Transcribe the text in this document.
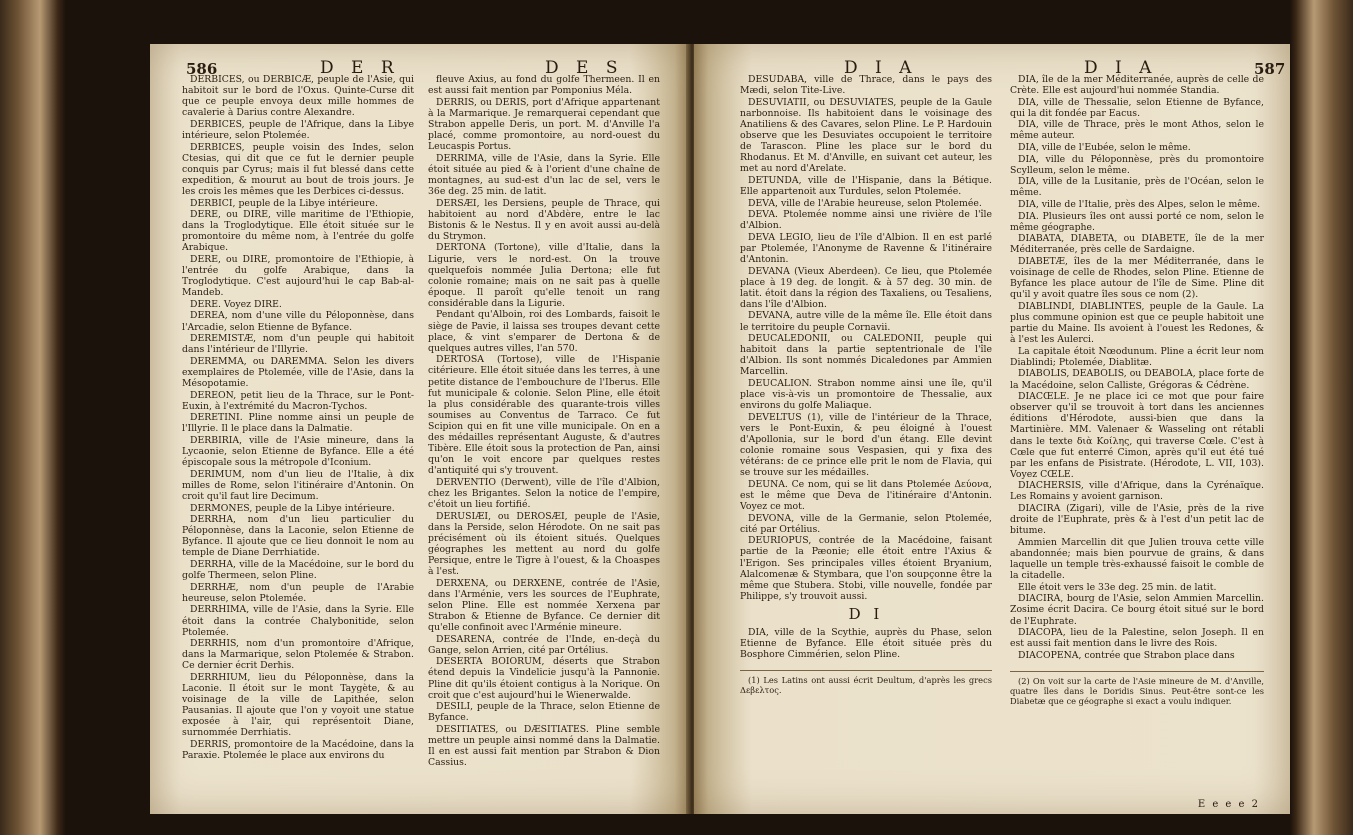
586	D E R	D E S

DERBICES, ou DERBICÆ, peuple de l'Asie, qui habitoit sur le bord de l'Oxus. Quinte-Curse dit que ce peuple envoya deux mille hommes de cavalerie à Darius contre Alexandre.

DERBICES, peuple de l'Afrique, dans la Libye intérieure, selon Ptolemée.

DERBICES, peuple voisin des Indes, selon Ctesias, qui dit que ce fut le dernier peuple conquis par Cyrus; mais il fut blessé dans cette expedition, & mourut au bout de trois jours. Je les crois les mêmes que les Derbices ci-dessus.

DERBICI, peuple de la Libye intérieure.

DERE, ou DIRE, ville maritime de l'Ethiopie, dans la Troglodytique. Elle étoit située sur le promontoire du même nom, à l'entrée du golfe Arabique.

DERE, ou DIRE, promontoire de l'Ethiopie, à l'entrée du golfe Arabique, dans la Troglodytique. C'est aujourd'hui le cap Bab-al-Mandeb.

DERE. Voyez DIRE.

DEREA, nom d'une ville du Péloponnèse, dans l'Arcadie, selon Etienne de Byfance.

DEREMISTÆ, nom d'un peuple qui habitoit dans l'intérieur de l'Illyrie.

DEREMMA, ou DAREMMA. Selon les divers exemplaires de Ptolemée, ville de l'Asie, dans la Mésopotamie.

DEREON, petit lieu de la Thrace, sur le Pont-Euxin, à l'extrémité du Macron-Tychos.

DERETINI. Pline nomme ainsi un peuple de l'Illyrie. Il le place dans la Dalmatie.

DERBIRIA, ville de l'Asie mineure, dans la Lycaonie, selon Etienne de Byfance. Elle a été épiscopale sous la métropole d'Iconium.

DERIMUM, nom d'un lieu de l'Italie, à dix milles de Rome, selon l'itinéraire d'Antonin. On croit qu'il faut lire Decimum.

DERMONES, peuple de la Libye intérieure.

DERRHA, nom d'un lieu particulier du Péloponnèse, dans la Laconie, selon Etienne de Byfance. Il ajoute que ce lieu donnoit le nom au temple de Diane Derrhiatide.

DERRHA, ville de la Macédoine, sur le bord du golfe Thermeen, selon Pline.

DERRHÆ, nom d'un peuple de l'Arabie heureuse, selon Ptolemée.

DERRHIMA, ville de l'Asie, dans la Syrie. Elle étoit dans la contrée Chalybonitide, selon Ptolemée.

DERRHIS, nom d'un promontoire d'Afrique, dans la Marmarique, selon Ptolemée & Strabon. Ce dernier écrit Derhis.

DERRHIUM, lieu du Péloponnèse, dans la Laconie. Il étoit sur le mont Taygète, & au voisinage de la ville de Lapithée, selon Pausanias. Il ajoute que l'on y voyoit une statue exposée à l'air, qui représentoit Diane, surnommée Derrhiatis.

DERRIS, promontoire de la Macédoine, dans la Paraxie. Ptolemée le place aux environs du

fleuve Axius, au fond du golfe Thermeen. Il en est aussi fait mention par Pomponius Méla.

DERRIS, ou DERIS, port d'Afrique appartenant à la Marmarique. Je remarquerai cependant que Strabon appelle Deris, un port. M. d'Anville l'a placé, comme promontoire, au nord-ouest du Leucaspis Portus.

DERRIMA, ville de l'Asie, dans la Syrie. Elle étoit située au pied & à l'orient d'une chaîne de montagnes, au sud-est d'un lac de sel, vers le 36e deg. 25 min. de latit.

DERSÆI, les Dersiens, peuple de Thrace, qui habitoient au nord d'Abdère, entre le lac Bistonis & le Nestus. Il y en avoit aussi au-delà du Strymon.

DERTONA (Tortone), ville d'Italie, dans la Ligurie, vers le nord-est. On la trouve quelquefois nommée Julia Dertona; elle fut colonie romaine; mais on ne sait pas à quelle époque. Il paroît qu'elle tenoit un rang considérable dans la Ligurie.

Pendant qu'Alboin, roi des Lombards, faisoit le siège de Pavie, il laissa ses troupes devant cette place, & vint s'emparer de Dertona & de quelques autres villes, l'an 570.

DERTOSA (Tortose), ville de l'Hispanie citérieure. Elle étoit située dans les terres, à une petite distance de l'embouchure de l'Iberus. Elle fut municipale & colonie. Selon Pline, elle étoit la plus considérable des quarante-trois villes soumises au Conventus de Tarraco. Ce fut Scipion qui en fit une ville municipale. On en a des médailles représentant Auguste, & d'autres Tibère. Elle étoit sous la protection de Pan, ainsi qu'on le voit encore par quelques restes d'antiquité qui s'y trouvent.

DERVENTIO (Derwent), ville de l'île d'Albion, chez les Brigantes. Selon la notice de l'empire, c'étoit un lieu fortifié.

DERUSIÆI, ou DEROSÆI, peuple de l'Asie, dans la Perside, selon Hérodote. On ne sait pas précisément où ils étoient situés. Quelques géographes les mettent au nord du golfe Persique, entre le Tigre à l'ouest, & la Choaspes à l'est.

DERXENA, ou DERXENE, contrée de l'Asie, dans l'Arménie, vers les sources de l'Euphrate, selon Pline. Elle est nommée Xerxena par Strabon & Etienne de Byfance. Ce dernier dit qu'elle confinoit avec l'Arménie mineure.

DESARENA, contrée de l'Inde, en-deçà du Gange, selon Arrien, cité par Ortélius.

DESERTA BOIORUM, déserts que Strabon étend depuis la Vindelicie jusqu'à la Pannonie. Pline dit qu'ils étoient contigus à la Norique. On croit que c'est aujourd'hui le Wienerwalde.

DESILI, peuple de la Thrace, selon Etienne de Byfance.

DESITIATES, ou DÆSITIATES. Pline semble mettre un peuple ainsi nommé dans la Dalmatie. Il en est aussi fait mention par Strabon & Dion Cassius.

D I A	D I A	587

DESUDABA, ville de Thrace, dans le pays des Mædi, selon Tite-Live.

DESUVIATII, ou DESUVIATES, peuple de la Gaule narbonnoise. Ils habitoient dans le voisinage des Anatiliens & des Cavares, selon Pline. Le P. Hardouin observe que les Desuviates occupoient le territoire de Tarascon. Pline les place sur le bord du Rhodanus. Et M. d'Anville, en suivant cet auteur, les met au nord d'Arelate.

DETUNDA, ville de l'Hispanie, dans la Bétique. Elle appartenoit aux Turdules, selon Ptolemée.

DEVA, ville de l'Arabie heureuse, selon Ptolemée.

DEVA. Ptolemée nomme ainsi une rivière de l'île d'Albion.

DEVA LEGIO, lieu de l'île d'Albion. Il en est parlé par Ptolemée, l'Anonyme de Ravenne & l'itinéraire d'Antonin.

DEVANA (Vieux Aberdeen). Ce lieu, que Ptolemée place à 19 deg. de longit. & à 57 deg. 30 min. de latit. étoit dans la région des Taxaliens, ou Tesaliens, dans l'île d'Albion.

DEVANA, autre ville de la même île. Elle étoit dans le territoire du peuple Cornavii.

DEUCALEDONII, ou CALEDONII, peuple qui habitoit dans la partie septentrionale de l'île d'Albion. Ils sont nommés Dicaledones par Ammien Marcellin.

DEUCALION. Strabon nomme ainsi une île, qu'il place vis-à-vis un promontoire de Thessalie, aux environs du golfe Maliaque.

DEVELTUS (1), ville de l'intérieur de la Thrace, vers le Pont-Euxin, & peu éloigné à l'ouest d'Apollonia, sur le bord d'un étang. Elle devint colonie romaine sous Vespasien, qui y fixa des vétérans: de ce prince elle prit le nom de Flavia, qui se trouve sur les médailles.

DEUNA. Ce nom, qui se lit dans Ptolemée Δεύονα, est le même que Deva de l'itinéraire d'Antonin. Voyez ce mot.

DEVONA, ville de la Germanie, selon Ptolemée, cité par Ortélius.

DEURIOPUS, contrée de la Macédoine, faisant partie de la Pæonie; elle étoit entre l'Axius & l'Erigon. Ses principales villes étoient Bryanium, Alalcomenæ & Stymbara, que l'on soupçonne être la même que Stubera. Stobi, ville nouvelle, fondée par Philippe, s'y trouvoit aussi.

D I

DIA, ville de la Scythie, auprès du Phase, selon Etienne de Byfance. Elle étoit située près du Bosphore Cimmérien, selon Pline.

(1) Les Latins ont aussi écrit Deultum, d'après les grecs Δεβελτος.

DIA, île de la mer Méditerranée, auprès de celle de Crète. Elle est aujourd'hui nommée Standia.

DIA, ville de Thessalie, selon Etienne de Byfance, qui la dit fondée par Eacus.

DIA, ville de Thrace, près le mont Athos, selon le même auteur.

DIA, ville de l'Eubée, selon le même.

DIA, ville du Péloponnèse, près du promontoire Scylleum, selon le même.

DIA, ville de la Lusitanie, près de l'Océan, selon le même.

DIA, ville de l'Italie, près des Alpes, selon le même.

DIA. Plusieurs îles ont aussi porté ce nom, selon le même géographe.

DIABATA, DIABETA, ou DIABETE, île de la mer Méditerranée, près celle de Sardaigne.

DIABETÆ, îles de la mer Méditerranée, dans le voisinage de celle de Rhodes, selon Pline. Etienne de Byfance les place autour de l'île de Sime. Pline dit qu'il y avoit quatre îles sous ce nom (2).

DIABLINDI, DIABLINTES, peuple de la Gaule. La plus commune opinion est que ce peuple habitoit une partie du Maine. Ils avoient à l'ouest les Redones, & à l'est les Aulerci.

La capitale étoit Nœodunum. Pline a écrit leur nom Diablindi; Ptolemée, Diablitæ.

DIABOLIS, DEABOLIS, ou DEABOLA, place forte de la Macédoine, selon Calliste, Grégoras & Cédrène.

DIACŒLE. Je ne place ici ce mot que pour faire observer qu'il se trouvoit à tort dans les anciennes éditions d'Hérodote, aussi-bien que dans la Martinière. MM. Valenaer & Wasseling ont rétabli dans le texte διὰ Κοίλης, qui traverse Cœle. C'est à Cœle que fut enterré Cimon, après qu'il eut été tué par les enfans de Pisistrate. (Hérodote, L. VII, 103). Voyez CŒLE.

DIACHERSIS, ville d'Afrique, dans la Cyrénaïque. Les Romains y avoient garnison.

DIACIRA (Zigari), ville de l'Asie, près de la rive droite de l'Euphrate, près & à l'est d'un petit lac de bitume.

Ammien Marcellin dit que Julien trouva cette ville abandonnée; mais bien pourvue de grains, & dans laquelle un temple très-exhaussé faisoit le comble de la citadelle.

Elle étoit vers le 33e deg. 25 min. de latit.

DIACIRA, bourg de l'Asie, selon Ammien Marcellin. Zosime écrit Dacira. Ce bourg étoit situé sur le bord de l'Euphrate.

DIACOPA, lieu de la Palestine, selon Joseph. Il en est aussi fait mention dans le livre des Rois.

DIACOPENA, contrée que Strabon place dans

(2) On voit sur la carte de l'Asie mineure de M. d'Anville, quatre îles dans le Doridis Sinus. Peut-être sont-ce les Diabetæ que ce géographe si exact a voulu indiquer.

E e e e 2
